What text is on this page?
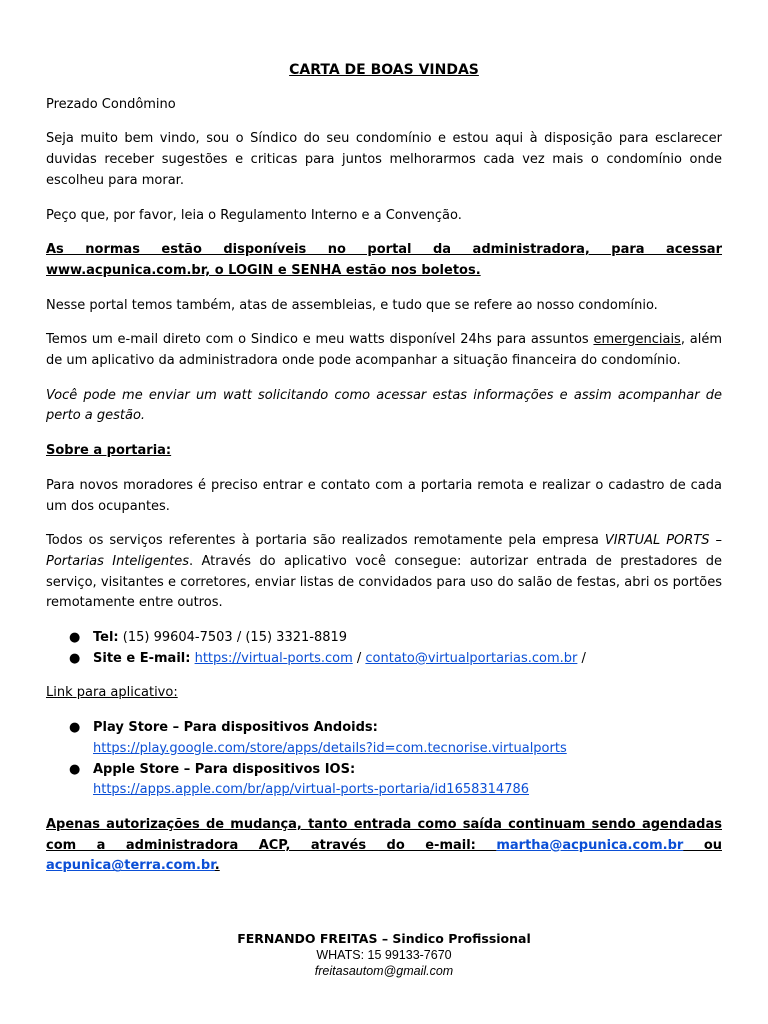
CARTA DE BOAS VINDAS

Prezado Condômino

Seja muito bem vindo, sou o Síndico do seu condomínio e estou aqui à disposição para esclarecer duvidas receber sugestões e criticas para juntos melhorarmos cada vez mais o condomínio onde escolheu para morar.

Peço que, por favor, leia o Regulamento Interno e a Convenção.

As normas estão disponíveis no portal da administradora, para acessar www.acpunica.com.br, o LOGIN e SENHA estão nos boletos.

Nesse portal temos também, atas de assembleias, e tudo que se refere ao nosso condomínio.

Temos um e-mail direto com o Sindico e meu watts disponível 24hs para assuntos emergenciais, além de um aplicativo da administradora onde pode acompanhar a situação financeira do condomínio.

Você pode me enviar um watt solicitando como acessar estas informações e assim acompanhar de perto a gestão.

Sobre a portaria:

Para novos moradores é preciso entrar e contato com a portaria remota e realizar o cadastro de cada um dos ocupantes.

Todos os serviços referentes à portaria são realizados remotamente pela empresa VIRTUAL PORTS – Portarias Inteligentes. Através do aplicativo você consegue: autorizar entrada de prestadores de serviço, visitantes e corretores, enviar listas de convidados para uso do salão de festas, abri os portões remotamente entre outros.

● Tel: (15) 99604-7503 / (15) 3321-8819
● Site e E-mail: https://virtual-ports.com / contato@virtualportarias.com.br /

Link para aplicativo:

● Play Store – Para dispositivos Andoids:
https://play.google.com/store/apps/details?id=com.tecnorise.virtualports
● Apple Store – Para dispositivos IOS:
https://apps.apple.com/br/app/virtual-ports-portaria/id1658314786

Apenas autorizações de mudança, tanto entrada como saída continuam sendo agendadas com a administradora ACP, através do e-mail: martha@acpunica.com.br ou acpunica@terra.com.br.

FERNANDO FREITAS – Sindico Profissional
WHATS: 15 99133-7670
freitasautom@gmail.com
